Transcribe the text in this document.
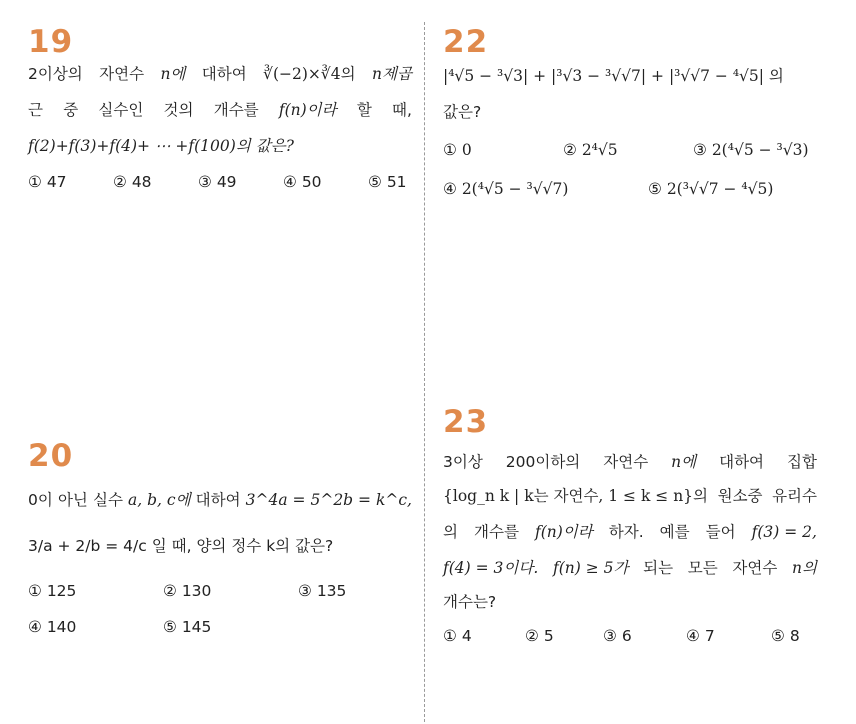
19
2이상의 자연수 n에 대하여 ∛(−2)×∛4의 n제곱
근 중 실수인 것의 개수를 f(n)이라 할 때,
f(2)+f(3)+f(4)+ ⋯ +f(100)의 값은?
① 47	② 48	③ 49	④ 50	⑤ 51
20
0이 아닌 실수 a, b, c에 대하여 3^4a = 5^2b = k^c,
3/a + 2/b = 4/c 일 때, 양의 정수 k의 값은?
① 125	② 130	③ 135
④ 140	⑤ 145
22
|⁴√5 − ³√3| + |³√3 − ³√√7| + |³√√7 − ⁴√5| 의
값은?
① 0	② 2⁴√5	③ 2(⁴√5 − ³√3)
④ 2(⁴√5 − ³√√7)	⑤ 2(³√√7 − ⁴√5)
23
3이상 200이하의 자연수 n에 대하여 집합
{log_n k | k는 자연수, 1 ≤ k ≤ n}의 원소중 유리수
의 개수를 f(n)이라 하자. 예를 들어 f(3) = 2,
f(4) = 3이다. f(n) ≥ 5가 되는 모든 자연수 n의
개수는?
① 4	② 5	③ 6	④ 7	⑤ 8
